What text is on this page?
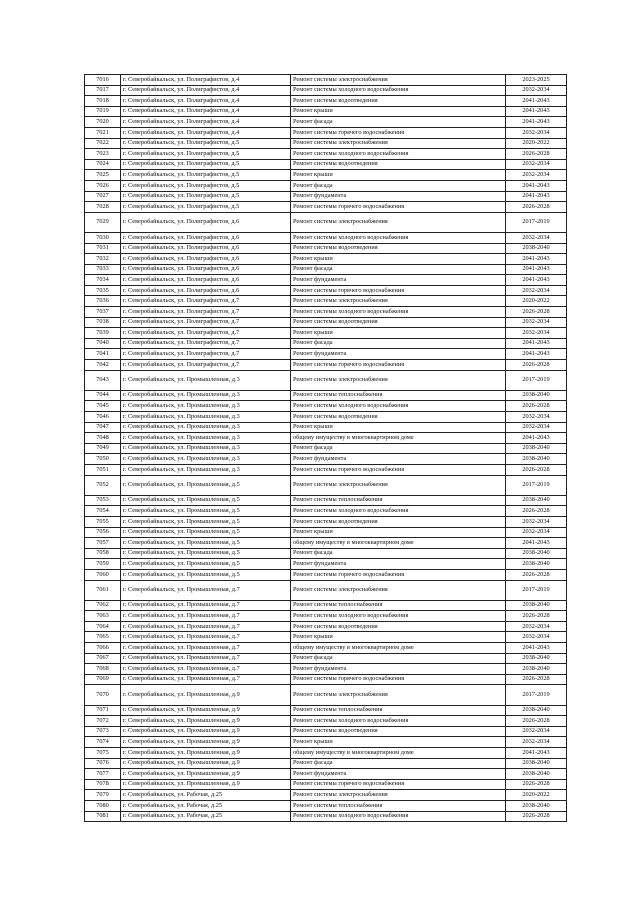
7016	г. Северобайкальск, ул. Полиграфистов, д.4	Ремонт системы электроснабжения	2023-2025
7017	г. Северобайкальск, ул. Полиграфистов, д.4	Ремонт системы холодного водоснабжения	2032-2034
7018	г. Северобайкальск, ул. Полиграфистов, д.4	Ремонт системы водоотведения	2041-2043
7019	г. Северобайкальск, ул. Полиграфистов, д.4	Ремонт крыши	2041-2043
7020	г. Северобайкальск, ул. Полиграфистов, д.4	Ремонт фасада	2041-2043
7021	г. Северобайкальск, ул. Полиграфистов, д.4	Ремонт системы горячего водоснабжения	2032-2034
7022	г. Северобайкальск, ул. Полиграфистов, д.5	Ремонт системы электроснабжения	2020-2022
7023	г. Северобайкальск, ул. Полиграфистов, д.5	Ремонт системы холодного водоснабжения	2026-2028
7024	г. Северобайкальск, ул. Полиграфистов, д.5	Ремонт системы водоотведения	2032-2034
7025	г. Северобайкальск, ул. Полиграфистов, д.5	Ремонт крыши	2032-2034
7026	г. Северобайкальск, ул. Полиграфистов, д.5	Ремонт фасада	2041-2043
7027	г. Северобайкальск, ул. Полиграфистов, д.5	Ремонт фундамента	2041-2043
7028	г. Северобайкальск, ул. Полиграфистов, д.5	Ремонт системы горячего водоснабжения	2026-2028
7029	г. Северобайкальск, ул. Полиграфистов, д.6	Ремонт системы электроснабжения	2017-2019
7030	г. Северобайкальск, ул. Полиграфистов, д.6	Ремонт системы холодного водоснабжения	2032-2034
7031	г. Северобайкальск, ул. Полиграфистов, д.6	Ремонт системы водоотведения	2038-2040
7032	г. Северобайкальск, ул. Полиграфистов, д.6	Ремонт крыши	2041-2043
7033	г. Северобайкальск, ул. Полиграфистов, д.6	Ремонт фасада	2041-2043
7034	г. Северобайкальск, ул. Полиграфистов, д.6	Ремонт фундамента	2041-2043
7035	г. Северобайкальск, ул. Полиграфистов, д.6	Ремонт системы горячего водоснабжения	2032-2034
7036	г. Северобайкальск, ул. Полиграфистов, д.7	Ремонт системы электроснабжения	2020-2022
7037	г. Северобайкальск, ул. Полиграфистов, д.7	Ремонт системы холодного водоснабжения	2026-2028
7038	г. Северобайкальск, ул. Полиграфистов, д.7	Ремонт системы водоотведения	2032-2034
7039	г. Северобайкальск, ул. Полиграфистов, д.7	Ремонт крыши	2032-2034
7040	г. Северобайкальск, ул. Полиграфистов, д.7	Ремонт фасада	2041-2043
7041	г. Северобайкальск, ул. Полиграфистов, д.7	Ремонт фундамента	2041-2043
7042	г. Северобайкальск, ул. Полиграфистов, д.7	Ремонт системы горячего водоснабжения	2026-2028
7043	г. Северобайкальск, ул. Промышленная, д.3	Ремонт системы электроснабжения	2017-2019
7044	г. Северобайкальск, ул. Промышленная, д.3	Ремонт системы теплоснабжения	2038-2040
7045	г. Северобайкальск, ул. Промышленная, д.3	Ремонт системы холодного водоснабжения	2026-2028
7046	г. Северобайкальск, ул. Промышленная, д.3	Ремонт системы водоотведения	2032-2034
7047	г. Северобайкальск, ул. Промышленная, д.3	Ремонт крыши	2032-2034
7048	г. Северобайкальск, ул. Промышленная, д.3	общему имуществу в многоквартирном доме	2041-2043
7049	г. Северобайкальск, ул. Промышленная, д.3	Ремонт фасада	2038-2040
7050	г. Северобайкальск, ул. Промышленная, д.3	Ремонт фундамента	2038-2040
7051	г. Северобайкальск, ул. Промышленная, д.3	Ремонт системы горячего водоснабжения	2026-2028
7052	г. Северобайкальск, ул. Промышленная, д.5	Ремонт системы электроснабжения	2017-2019
7053	г. Северобайкальск, ул. Промышленная, д.5	Ремонт системы теплоснабжения	2038-2040
7054	г. Северобайкальск, ул. Промышленная, д.5	Ремонт системы холодного водоснабжения	2026-2028
7055	г. Северобайкальск, ул. Промышленная, д.5	Ремонт системы водоотведения	2032-2034
7056	г. Северобайкальск, ул. Промышленная, д.5	Ремонт крыши	2032-2034
7057	г. Северобайкальск, ул. Промышленная, д.5	общему имуществу в многоквартирном доме	2041-2043
7058	г. Северобайкальск, ул. Промышленная, д.5	Ремонт фасада	2038-2040
7059	г. Северобайкальск, ул. Промышленная, д.5	Ремонт фундамента	2038-2040
7060	г. Северобайкальск, ул. Промышленная, д.5	Ремонт системы горячего водоснабжения	2026-2028
7061	г. Северобайкальск, ул. Промышленная, д.7	Ремонт системы электроснабжения	2017-2019
7062	г. Северобайкальск, ул. Промышленная, д.7	Ремонт системы теплоснабжения	2038-2040
7063	г. Северобайкальск, ул. Промышленная, д.7	Ремонт системы холодного водоснабжения	2026-2028
7064	г. Северобайкальск, ул. Промышленная, д.7	Ремонт системы водоотведения	2032-2034
7065	г. Северобайкальск, ул. Промышленная, д.7	Ремонт крыши	2032-2034
7066	г. Северобайкальск, ул. Промышленная, д.7	общему имуществу в многоквартирном доме	2041-2043
7067	г. Северобайкальск, ул. Промышленная, д.7	Ремонт фасада	2038-2040
7068	г. Северобайкальск, ул. Промышленная, д.7	Ремонт фундамента	2038-2040
7069	г. Северобайкальск, ул. Промышленная, д.7	Ремонт системы горячего водоснабжения	2026-2028
7070	г. Северобайкальск, ул. Промышленная, д.9	Ремонт системы электроснабжения	2017-2019
7071	г. Северобайкальск, ул. Промышленная, д.9	Ремонт системы теплоснабжения	2038-2040
7072	г. Северобайкальск, ул. Промышленная, д.9	Ремонт системы холодного водоснабжения	2026-2028
7073	г. Северобайкальск, ул. Промышленная, д.9	Ремонт системы водоотведения	2032-2034
7074	г. Северобайкальск, ул. Промышленная, д.9	Ремонт крыши	2032-2034
7075	г. Северобайкальск, ул. Промышленная, д.9	общему имуществу в многоквартирном доме	2041-2043
7076	г. Северобайкальск, ул. Промышленная, д.9	Ремонт фасада	2038-2040
7077	г. Северобайкальск, ул. Промышленная, д.9	Ремонт фундамента	2038-2040
7078	г. Северобайкальск, ул. Промышленная, д.9	Ремонт системы горячего водоснабжения	2026-2028
7079	г. Северобайкальск, ул. Рабочая, д.25	Ремонт системы электроснабжения	2020-2022
7080	г. Северобайкальск, ул. Рабочая, д.25	Ремонт системы теплоснабжения	2038-2040
7081	г. Северобайкальск, ул. Рабочая, д.25	Ремонт системы холодного водоснабжения	2026-2028
